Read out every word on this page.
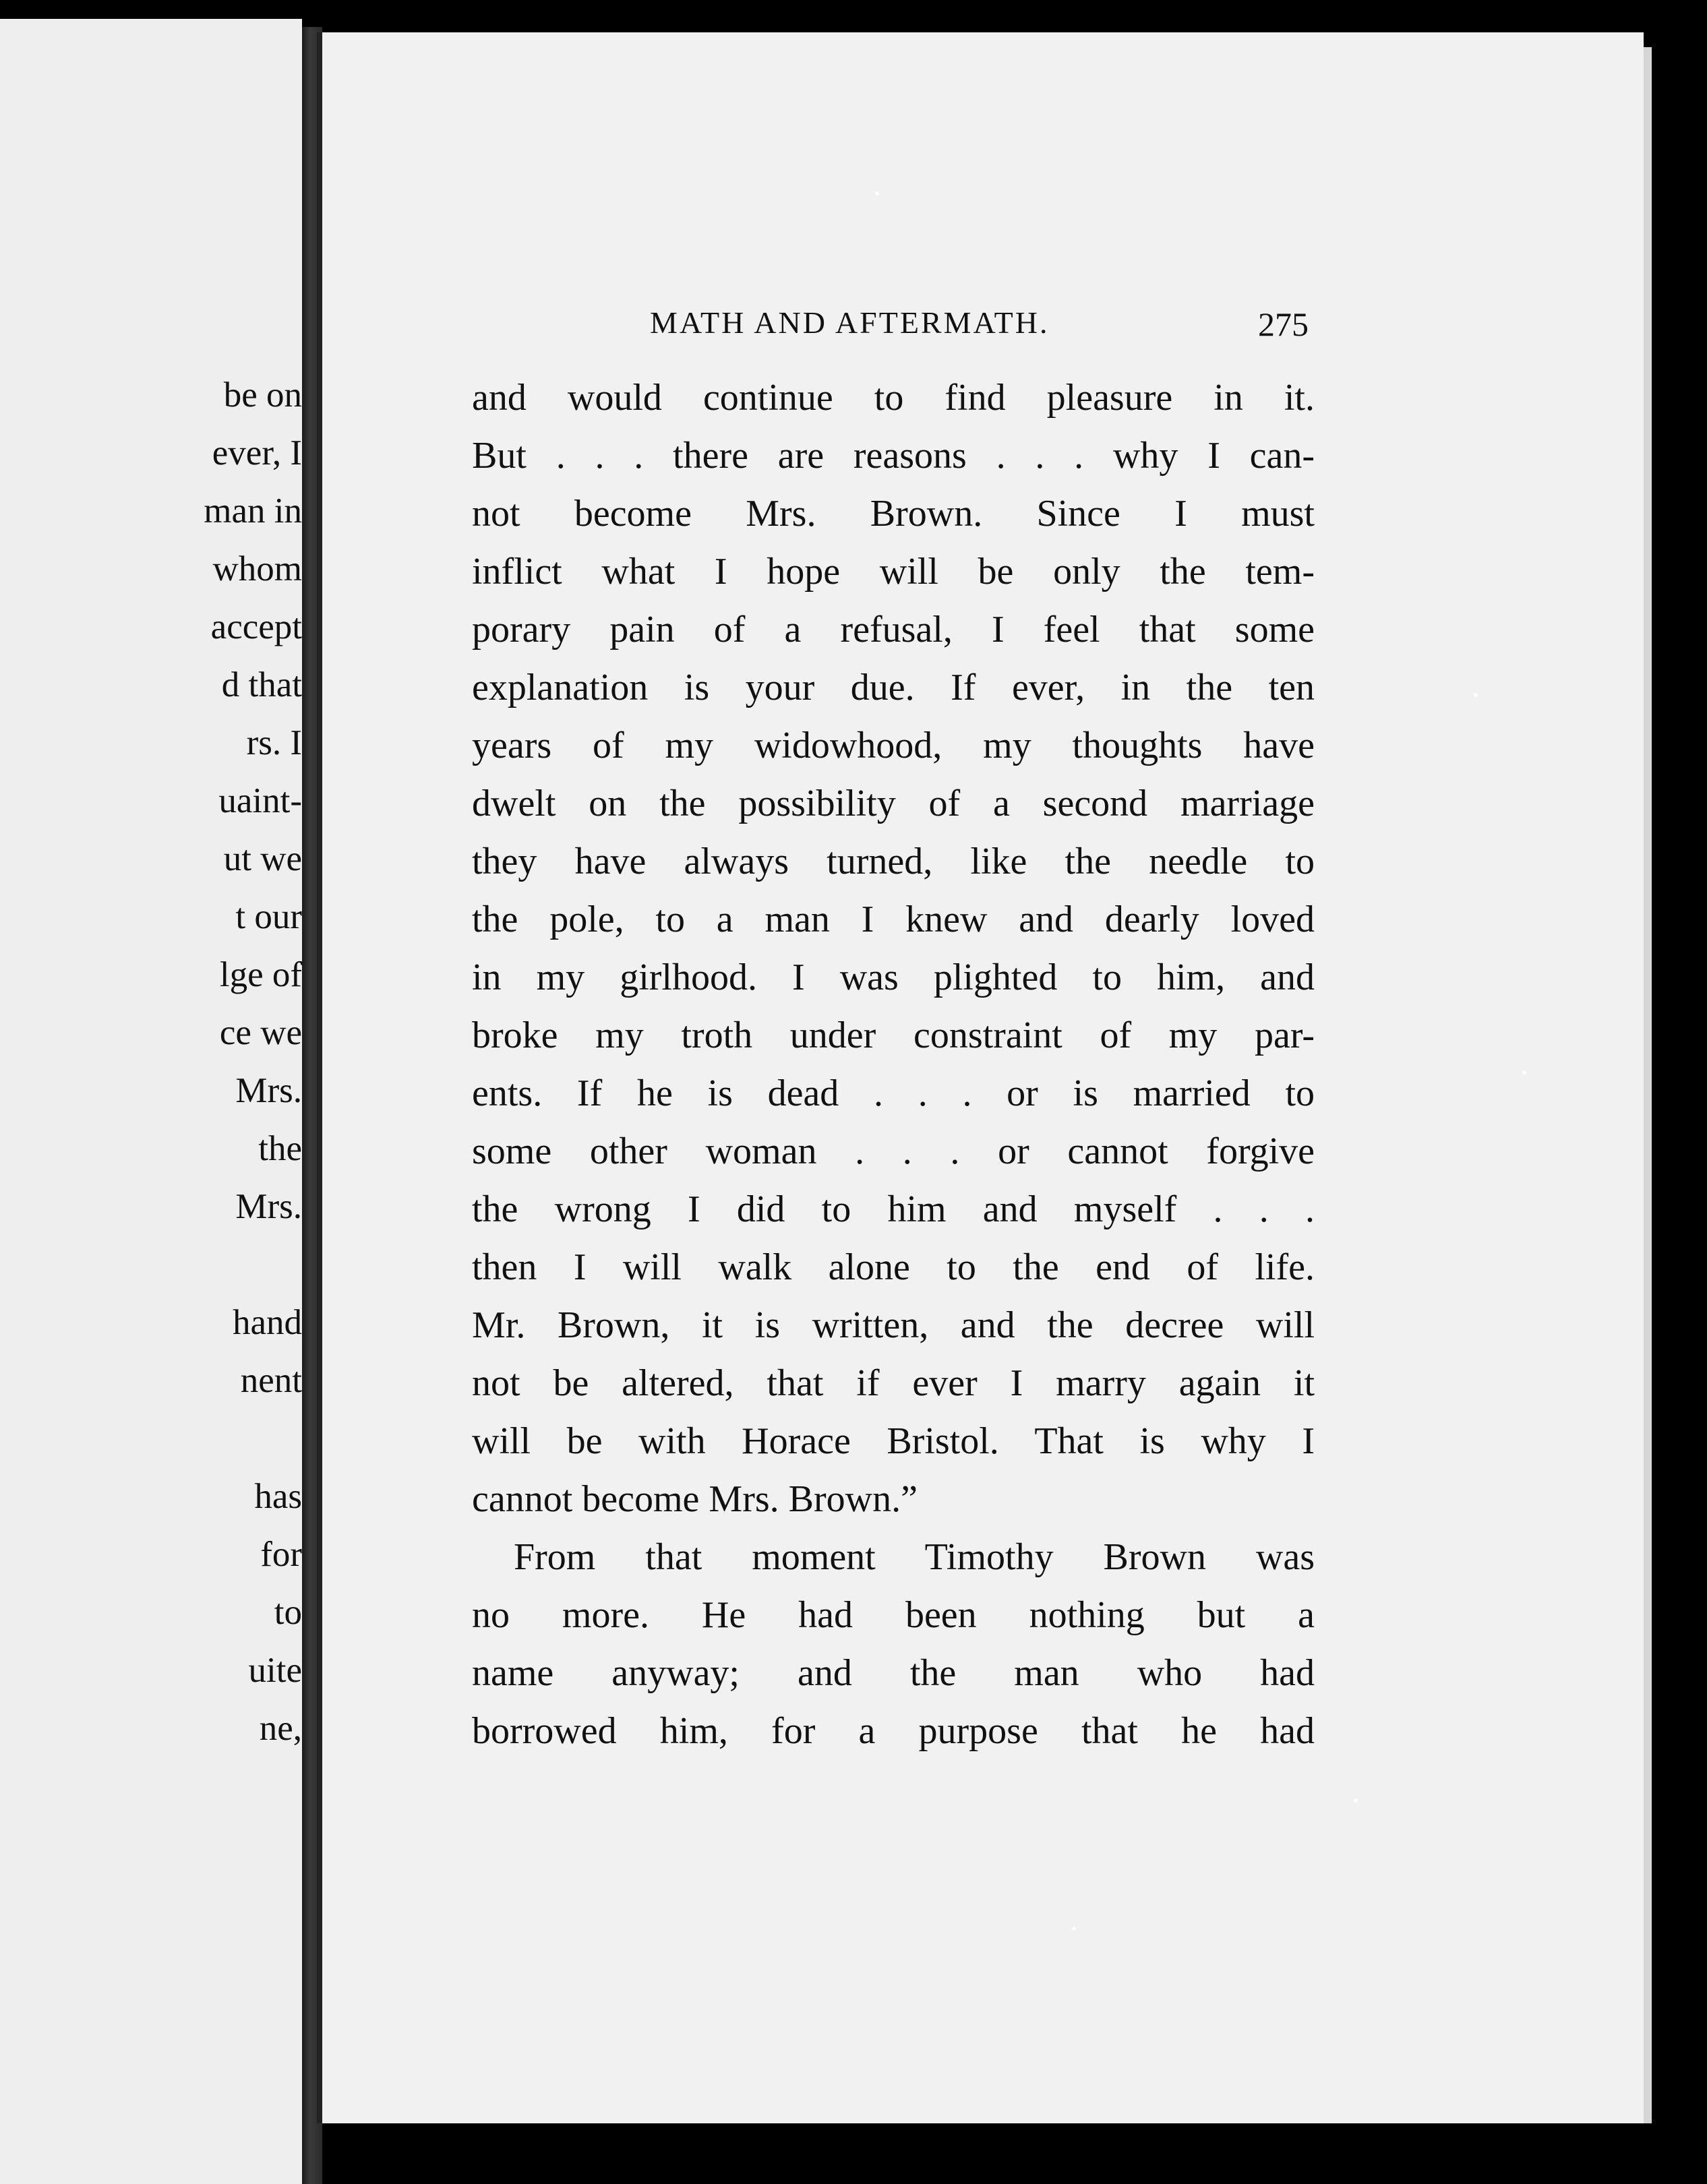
be on
ever, I
man in
whom
accept
d that
rs. I
uaint-
ut we
t our
lge of
ce we
Mrs.
the
Mrs.
hand
nent
has
for
to
uite
ne,
MATH AND AFTERMATH.	275
and would continue to find pleasure in it.
But . . . there are reasons . . . why I can-
not become Mrs. Brown. Since I must
inflict what I hope will be only the tem-
porary pain of a refusal, I feel that some
explanation is your due. If ever, in the ten
years of my widowhood, my thoughts have
dwelt on the possibility of a second marriage
they have always turned, like the needle to
the pole, to a man I knew and dearly loved
in my girlhood. I was plighted to him, and
broke my troth under constraint of my par-
ents. If he is dead . . . or is married to
some other woman . . . or cannot forgive
the wrong I did to him and myself . . .
then I will walk alone to the end of life.
Mr. Brown, it is written, and the decree will
not be altered, that if ever I marry again it
will be with Horace Bristol. That is why I
cannot become Mrs. Brown.”
From that moment Timothy Brown was
no more. He had been nothing but a
name anyway; and the man who had
borrowed him, for a purpose that he had
